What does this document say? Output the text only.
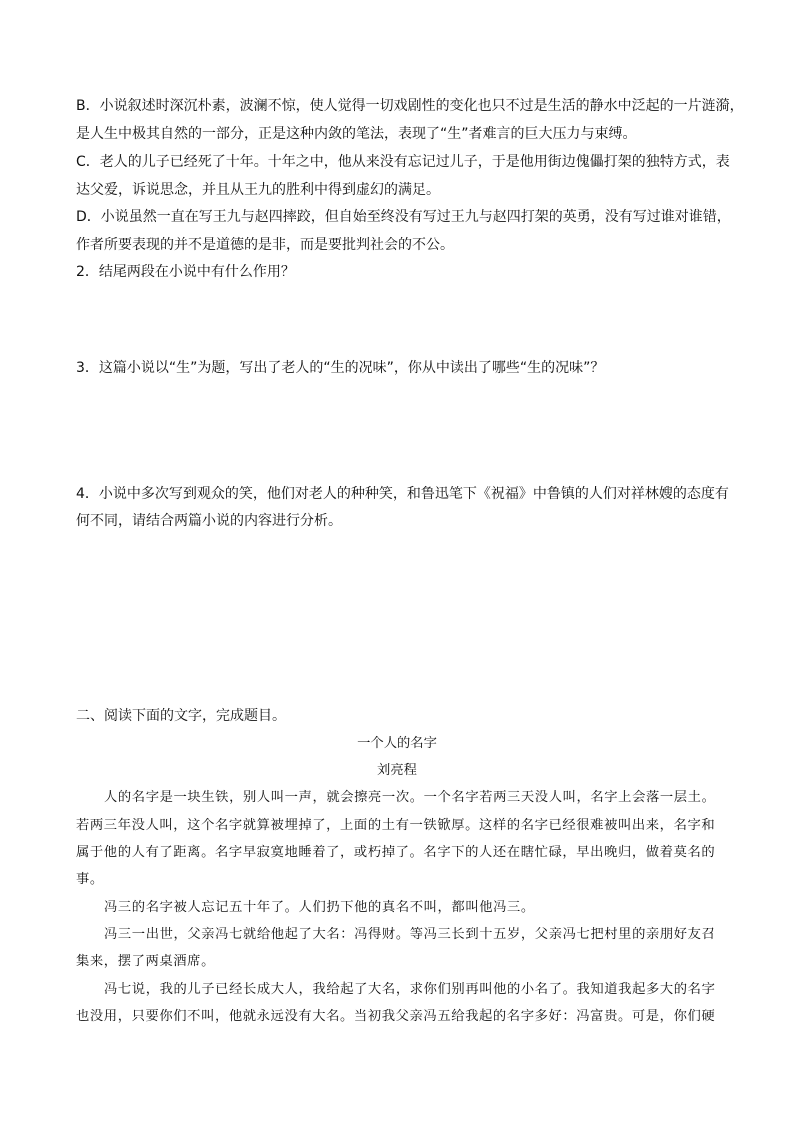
B．小说叙述时深沉朴素，波澜不惊，使人觉得一切戏剧性的变化也只不过是生活的静水中泛起的一片涟漪，
是人生中极其自然的一部分，正是这种内敛的笔法，表现了“生”者难言的巨大压力与束缚。
C．老人的儿子已经死了十年。十年之中，他从来没有忘记过儿子，于是他用街边傀儡打架的独特方式，表
达父爱，诉说思念，并且从王九的胜利中得到虚幻的满足。
D．小说虽然一直在写王九与赵四摔跤，但自始至终没有写过王九与赵四打架的英勇，没有写过谁对谁错，
作者所要表现的并不是道德的是非，而是要批判社会的不公。
2．结尾两段在小说中有什么作用？
3．这篇小说以“生”为题，写出了老人的“生的况味”，你从中读出了哪些“生的况味”？
4．小说中多次写到观众的笑，他们对老人的种种笑，和鲁迅笔下《祝福》中鲁镇的人们对祥林嫂的态度有
何不同，请结合两篇小说的内容进行分析。
二、阅读下面的文字，完成题目。
一个人的名字
刘亮程
人的名字是一块生铁，别人叫一声，就会擦亮一次。一个名字若两三天没人叫，名字上会落一层土。
若两三年没人叫，这个名字就算被埋掉了，上面的土有一铁锨厚。这样的名字已经很难被叫出来，名字和
属于他的人有了距离。名字早寂寞地睡着了，或朽掉了。名字下的人还在瞎忙碌，早出晚归，做着莫名的
事。
冯三的名字被人忘记五十年了。人们扔下他的真名不叫，都叫他冯三。
冯三一出世，父亲冯七就给他起了大名：冯得财。等冯三长到十五岁，父亲冯七把村里的亲朋好友召
集来，摆了两桌酒席。
冯七说，我的儿子已经长成大人，我给起了大名，求你们别再叫他的小名了。我知道我起多大的名字
也没用，只要你们不叫，他就永远没有大名。当初我父亲冯五给我起的名字多好：冯富贵。可是，你们硬
